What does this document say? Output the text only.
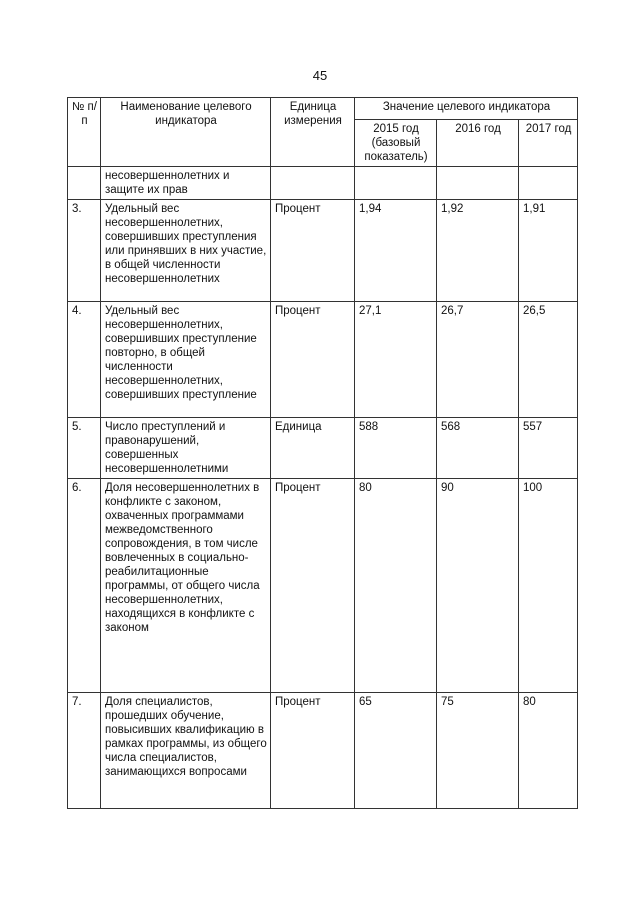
45
№ п/п	Наименование целевого индикатора	Единица измерения	Значение целевого индикатора		
			2015 год (базовый показатель)	2016 год	2017 год
	несовершеннолетних и защите их прав				
3.	Удельный вес несовершеннолетних, совершивших преступления или принявших в них участие, в общей численности несовершеннолетних	Процент	1,94	1,92	1,91
4.	Удельный вес несовершеннолетних, совершивших преступление повторно, в общей численности несовершеннолетних, совершивших преступление	Процент	27,1	26,7	26,5
5.	Число преступлений и правонарушений, совершенных несовершеннолетними	Единица	588	568	557
6.	Доля несовершеннолетних в конфликте с законом, охваченных программами межведомственного сопровождения, в том числе вовлеченных в социально-реабилитационные программы, от общего числа несовершеннолетних, находящихся в конфликте с законом	Процент	80	90	100
7.	Доля специалистов, прошедших обучение, повысивших квалификацию в рамках программы, из общего числа специалистов, занимающихся вопросами	Процент	65	75	80
